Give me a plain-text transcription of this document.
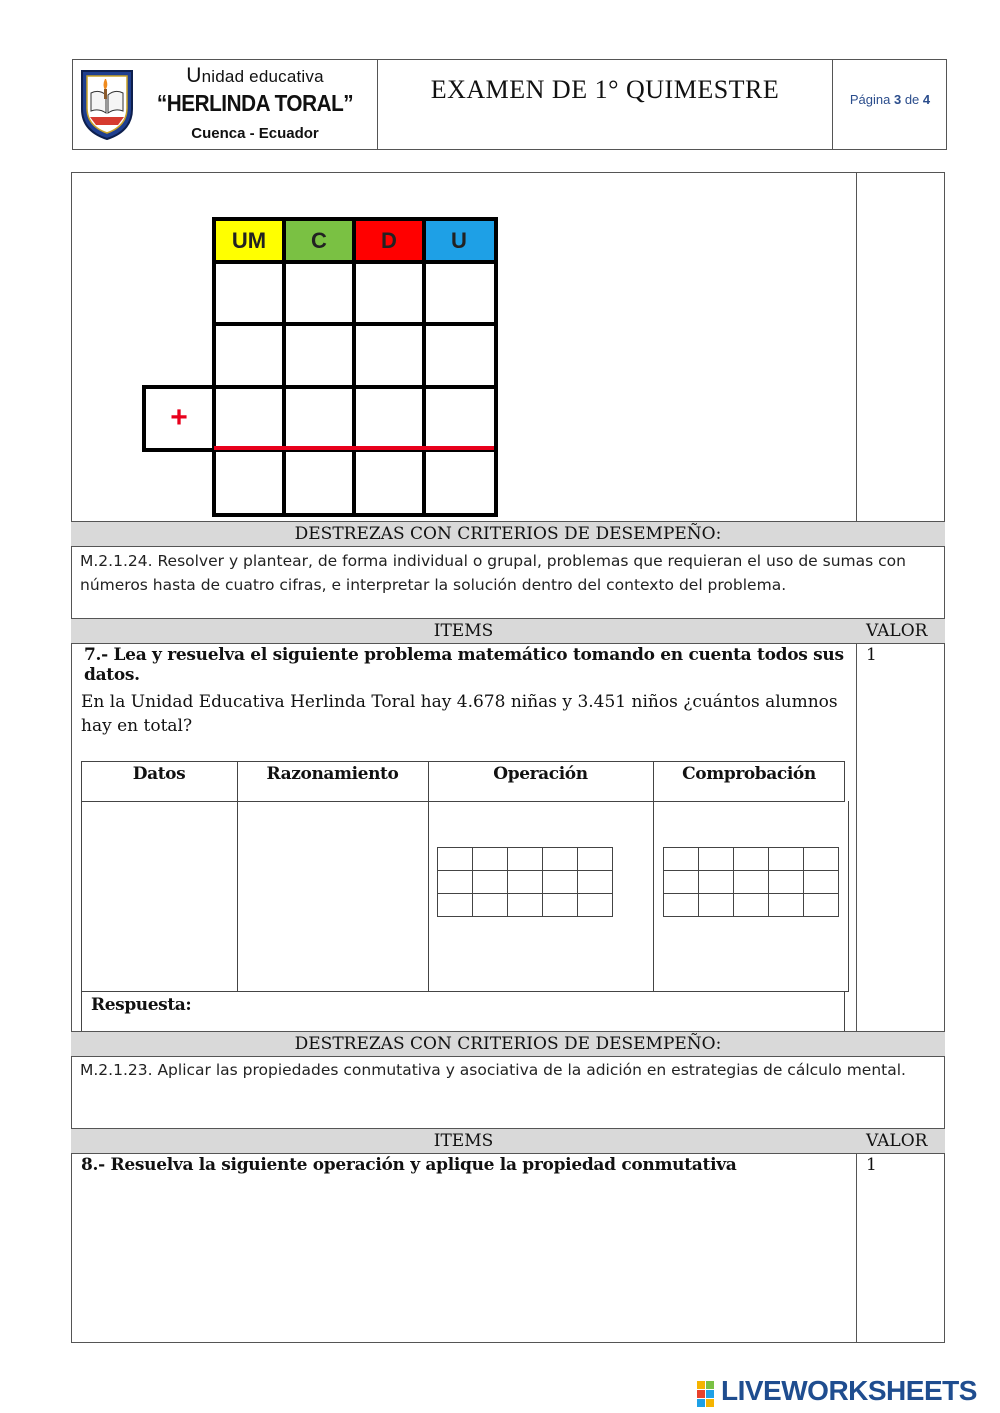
Unidad educativa
“HERLINDA TORAL”
Cuenca - Ecuador
EXAMEN DE 1° QUIMESTRE	Página 3 de 4
UM	C	D	U
+
DESTREZAS CON CRITERIOS DE DESEMPEÑO:
M.2.1.24. Resolver y plantear, de forma individual o grupal, problemas que requieran el uso de sumas con números hasta de cuatro cifras, e interpretar la solución dentro del contexto del problema.
ITEMS	VALOR
7.- Lea y resuelva el siguiente problema matemático tomando en cuenta todos sus datos.
1
En la Unidad Educativa Herlinda Toral hay 4.678 niñas y 3.451 niños ¿cuántos alumnos hay en total?
Datos	Razonamiento	Operación	Comprobación

Respuesta:
DESTREZAS CON CRITERIOS DE DESEMPEÑO:
M.2.1.23. Aplicar las propiedades conmutativa y asociativa de la adición en estrategias de cálculo mental.
ITEMS	VALOR
8.- Resuelva la siguiente operación y aplique la propiedad conmutativa	1
LIVEWORKSHEETS
